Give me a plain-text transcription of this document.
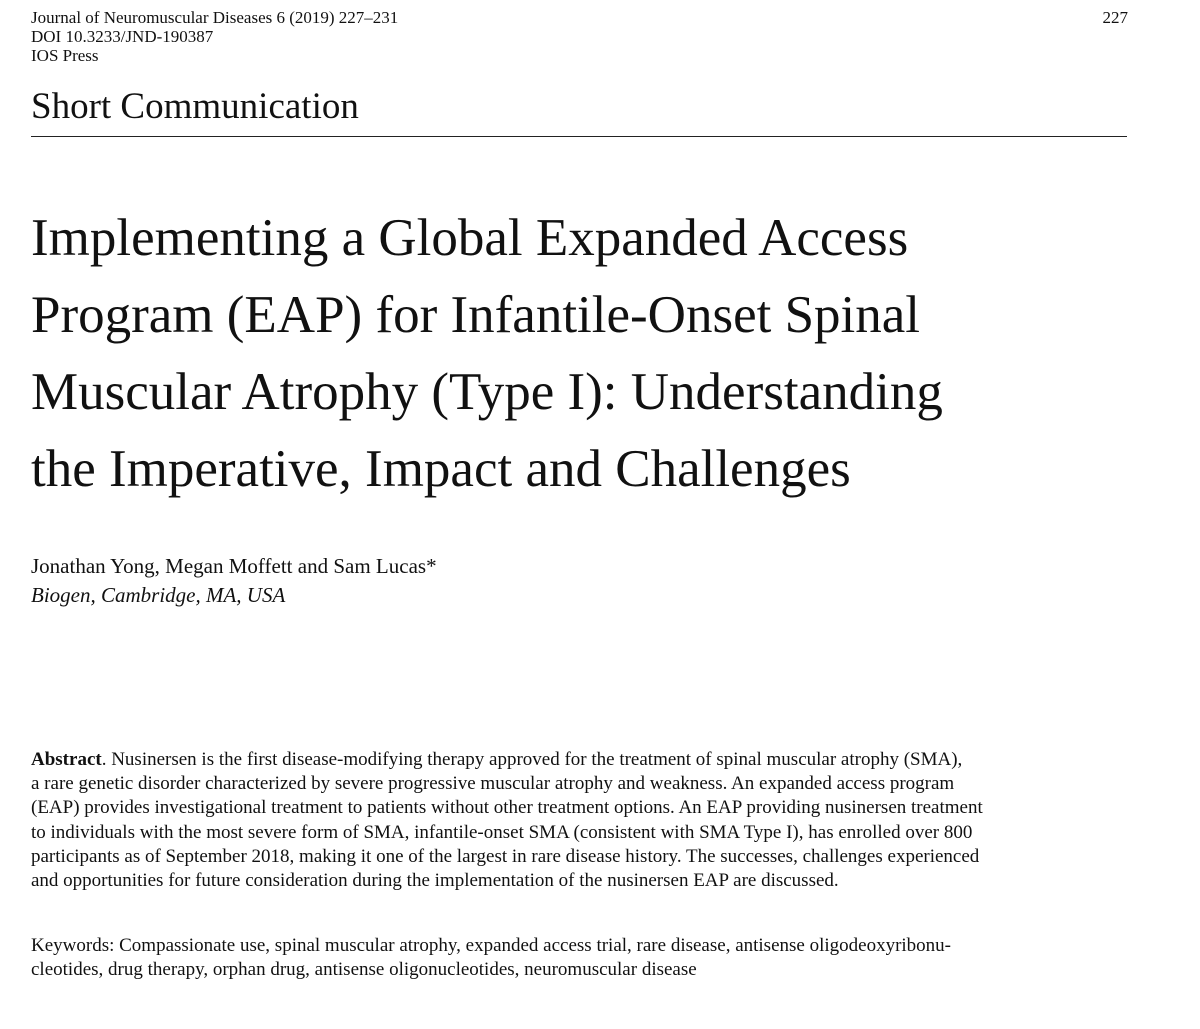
Journal of Neuromuscular Diseases 6 (2019) 227–231
DOI 10.3233/JND-190387
IOS Press
227
Short Communication
Implementing a Global Expanded Access
Program (EAP) for Infantile-Onset Spinal
Muscular Atrophy (Type I): Understanding
the Imperative, Impact and Challenges
Jonathan Yong, Megan Moffett and Sam Lucas*
Biogen, Cambridge, MA, USA

Abstract. Nusinersen is the first disease-modifying therapy approved for the treatment of spinal muscular atrophy (SMA),
a rare genetic disorder characterized by severe progressive muscular atrophy and weakness. An expanded access program
(EAP) provides investigational treatment to patients without other treatment options. An EAP providing nusinersen treatment
to individuals with the most severe form of SMA, infantile-onset SMA (consistent with SMA Type I), has enrolled over 800
participants as of September 2018, making it one of the largest in rare disease history. The successes, challenges experienced
and opportunities for future consideration during the implementation of the nusinersen EAP are discussed.

Keywords: Compassionate use, spinal muscular atrophy, expanded access trial, rare disease, antisense oligodeoxyribonu-
cleotides, drug therapy, orphan drug, antisense oligonucleotides, neuromuscular disease
